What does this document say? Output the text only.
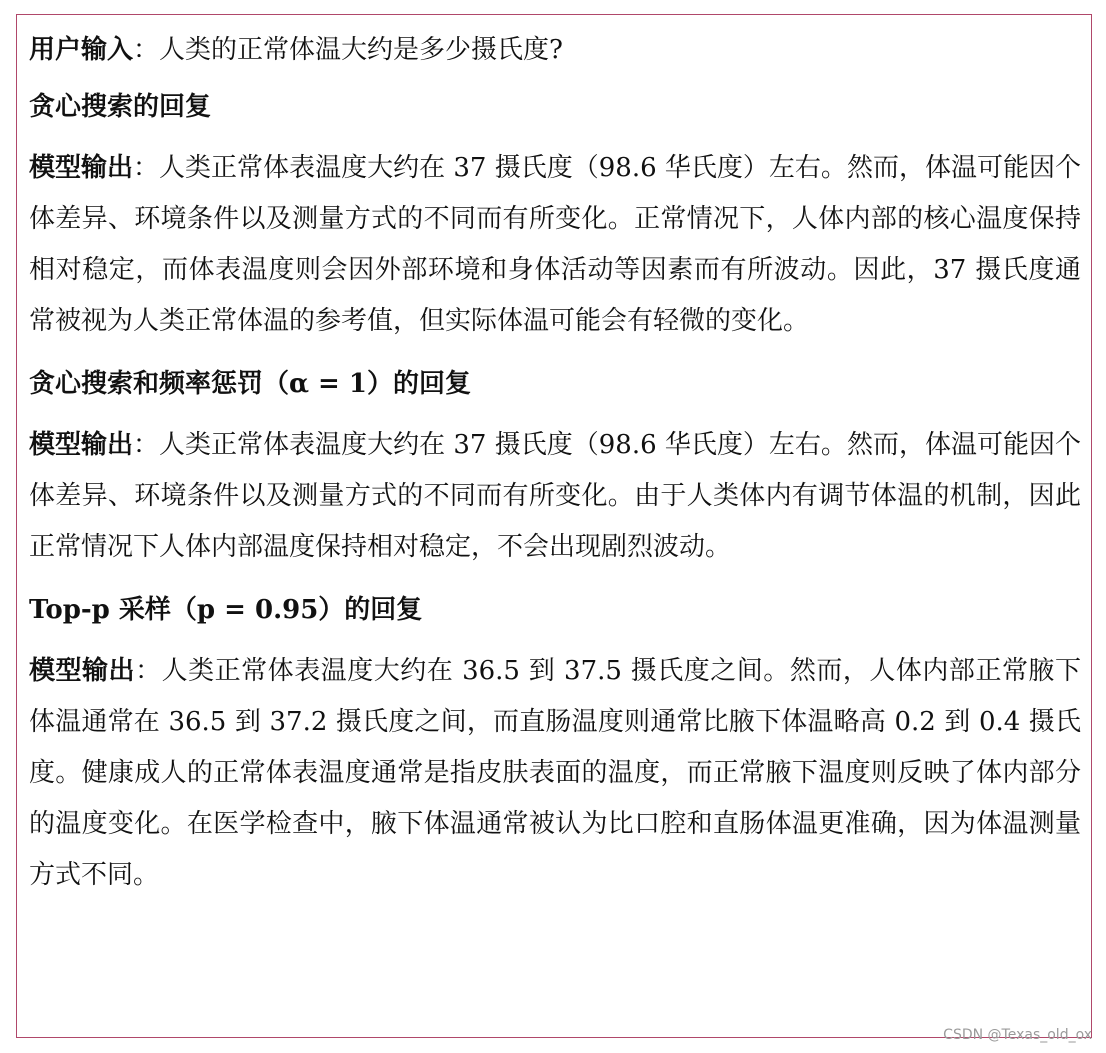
用户输入：人类的正常体温大约是多少摄氏度?

贪心搜索的回复

模型输出：人类正常体表温度大约在 37 摄氏度（98.6 华氏度）左右。然而，体温可能因个体差异、环境条件以及测量方式的不同而有所变化。正常情况下，人体内部的核心温度保持相对稳定，而体表温度则会因外部环境和身体活动等因素而有所波动。因此，37 摄氏度通常被视为人类正常体温的参考值，但实际体温可能会有轻微的变化。

贪心搜索和频率惩罚（α = 1）的回复

模型输出：人类正常体表温度大约在 37 摄氏度（98.6 华氏度）左右。然而，体温可能因个体差异、环境条件以及测量方式的不同而有所变化。由于人类体内有调节体温的机制，因此正常情况下人体内部温度保持相对稳定，不会出现剧烈波动。

Top-p 采样（p = 0.95）的回复

模型输出：人类正常体表温度大约在 36.5 到 37.5 摄氏度之间。然而，人体内部正常腋下体温通常在 36.5 到 37.2 摄氏度之间，而直肠温度则通常比腋下体温略高 0.2 到 0.4 摄氏度。健康成人的正常体表温度通常是指皮肤表面的温度，而正常腋下温度则反映了体内部分的温度变化。在医学检查中，腋下体温通常被认为比口腔和直肠体温更准确，因为体温测量方式不同。

CSDN @Texas_old_ox
